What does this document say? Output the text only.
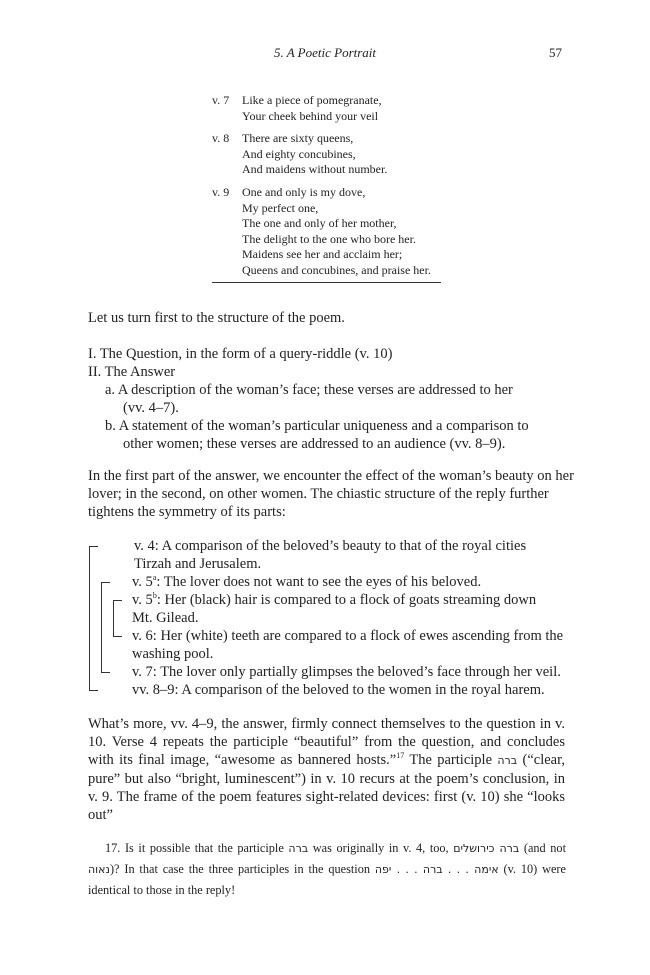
5. A Poetic Portrait	57
v. 7	Like a piece of pomegranate,
Your cheek behind your veil
v. 8	There are sixty queens,
And eighty concubines,
And maidens without number.
v. 9	One and only is my dove,
My perfect one,
The one and only of her mother,
The delight to the one who bore her.
Maidens see her and acclaim her;
Queens and concubines, and praise her.
Let us turn first to the structure of the poem.
I. The Question, in the form of a query-riddle (v. 10)
II. The Answer
a. A description of the woman’s face; these verses are addressed to her
(vv. 4–7).
b. A statement of the woman’s particular uniqueness and a comparison to
other women; these verses are addressed to an audience (vv. 8–9).
In the first part of the answer, we encounter the effect of the woman’s beauty on her
lover; in the second, on other women. The chiastic structure of the reply further
tightens the symmetry of its parts:
v. 4: A comparison of the beloved’s beauty to that of the royal cities
Tirzah and Jerusalem.
v. 5$^a$: The lover does not want to see the eyes of his beloved.
v. 5$^b$: Her (black) hair is compared to a flock of goats streaming down
Mt. Gilead.
v. 6: Her (white) teeth are compared to a flock of ewes ascending from the
washing pool.
v. 7: The lover only partially glimpses the beloved’s face through her veil.
vv. 8–9: A comparison of the beloved to the women in the royal harem.
What’s more, vv. 4–9, the answer, firmly connect themselves to the question in v. 10. Verse 4 repeats the participle “beautiful” from the question, and concludes with its final image, “awesome as bannered hosts.”$^{17}$ The participle ברה (“clear, pure” but also “bright, luminescent”) in v. 10 recurs at the poem’s conclusion, in v. 9. The frame of the poem features sight-related devices: first (v. 10) she “looks out”
17. Is it possible that the participle ברה was originally in v. 4, too, ברה כירושלים (and not נאוה)? In that case the three participles in the question אימה . . . ברה . . . יפה (v. 10) were identical to those in the reply!
